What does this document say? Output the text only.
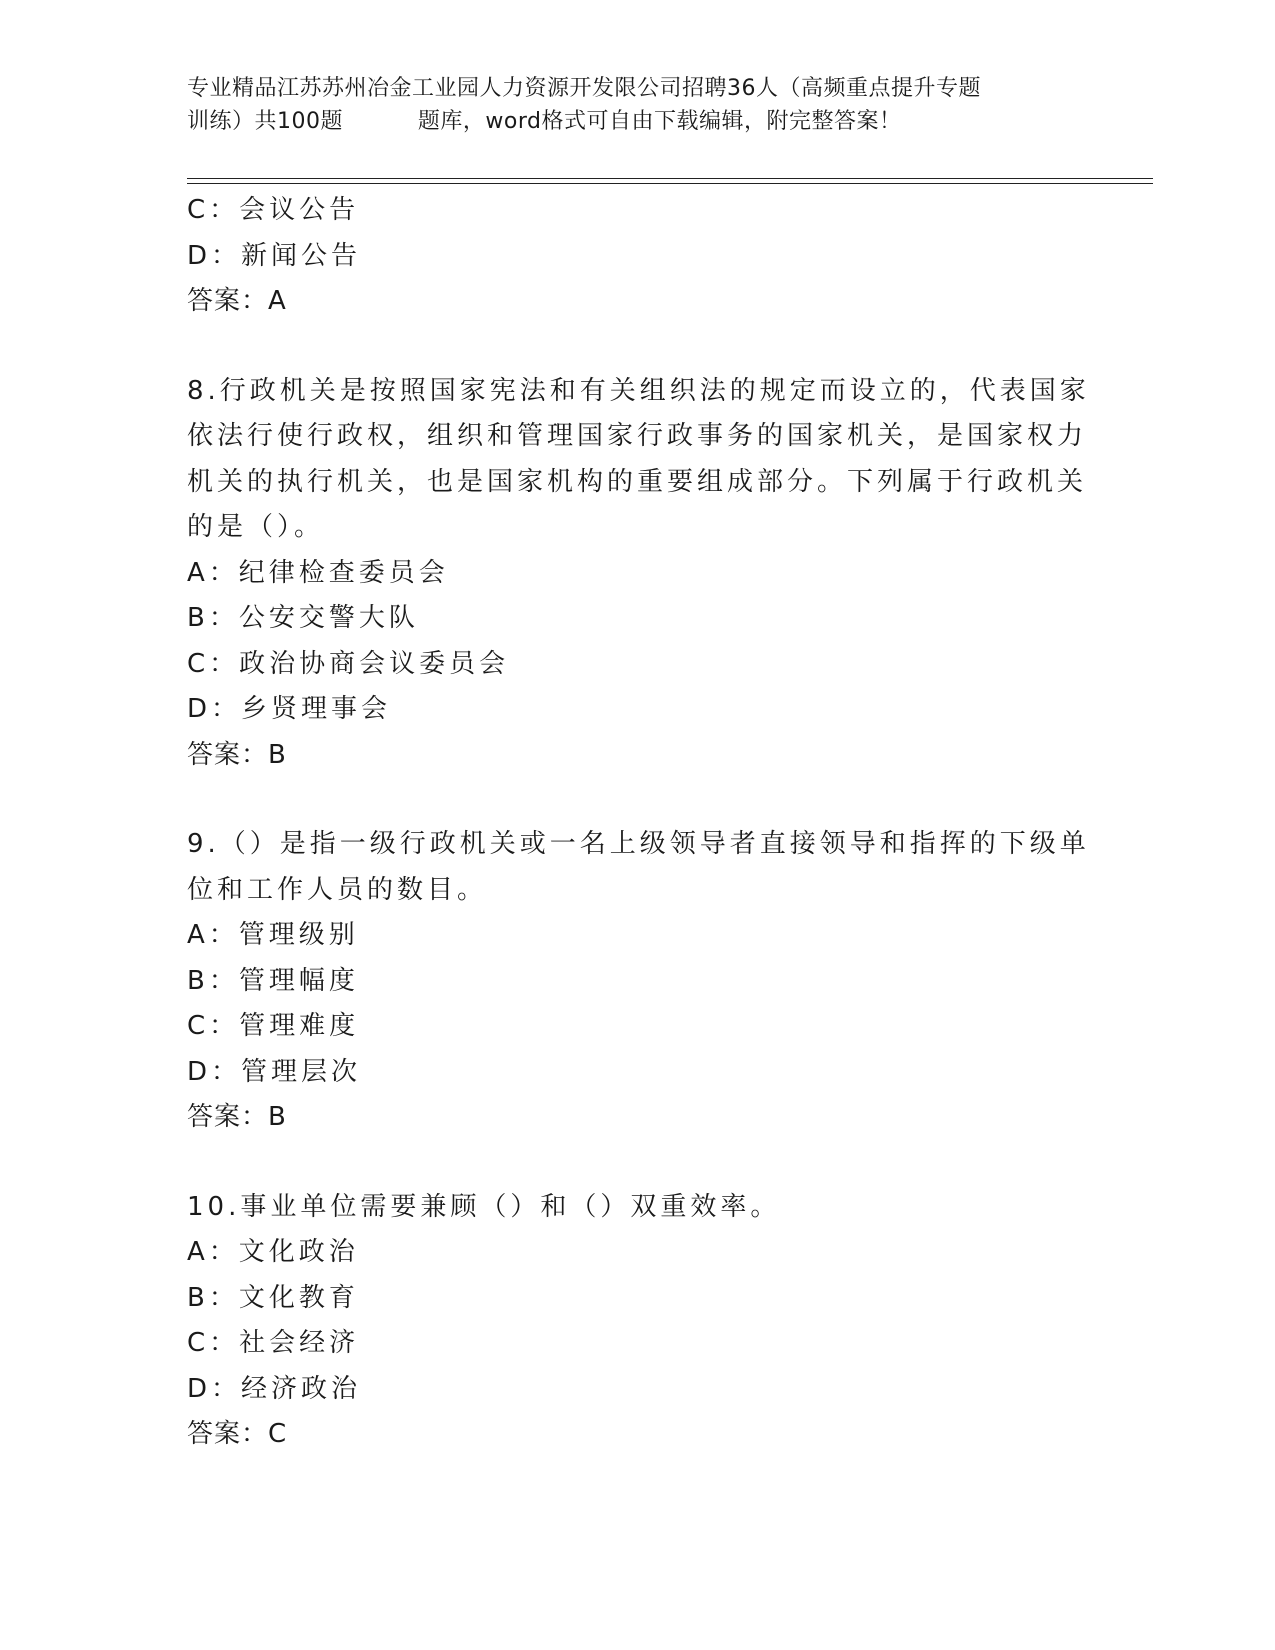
专业精品江苏苏州冶金工业园人力资源开发限公司招聘36人（高频重点提升专题
训练）共100题          题库，word格式可自由下载编辑，附完整答案！
C：会议公告
D：新闻公告
答案：A
8.行政机关是按照国家宪法和有关组织法的规定而设立的，代表国家
依法行使行政权，组织和管理国家行政事务的国家机关，是国家权力
机关的执行机关，也是国家机构的重要组成部分。下列属于行政机关
的是（）。
A：纪律检查委员会
B：公安交警大队
C：政治协商会议委员会
D：乡贤理事会
答案：B
9.（）是指一级行政机关或一名上级领导者直接领导和指挥的下级单
位和工作人员的数目。
A：管理级别
B：管理幅度
C：管理难度
D：管理层次
答案：B
10.事业单位需要兼顾（）和（）双重效率。
A：文化政治
B：文化教育
C：社会经济
D：经济政治
答案：C
